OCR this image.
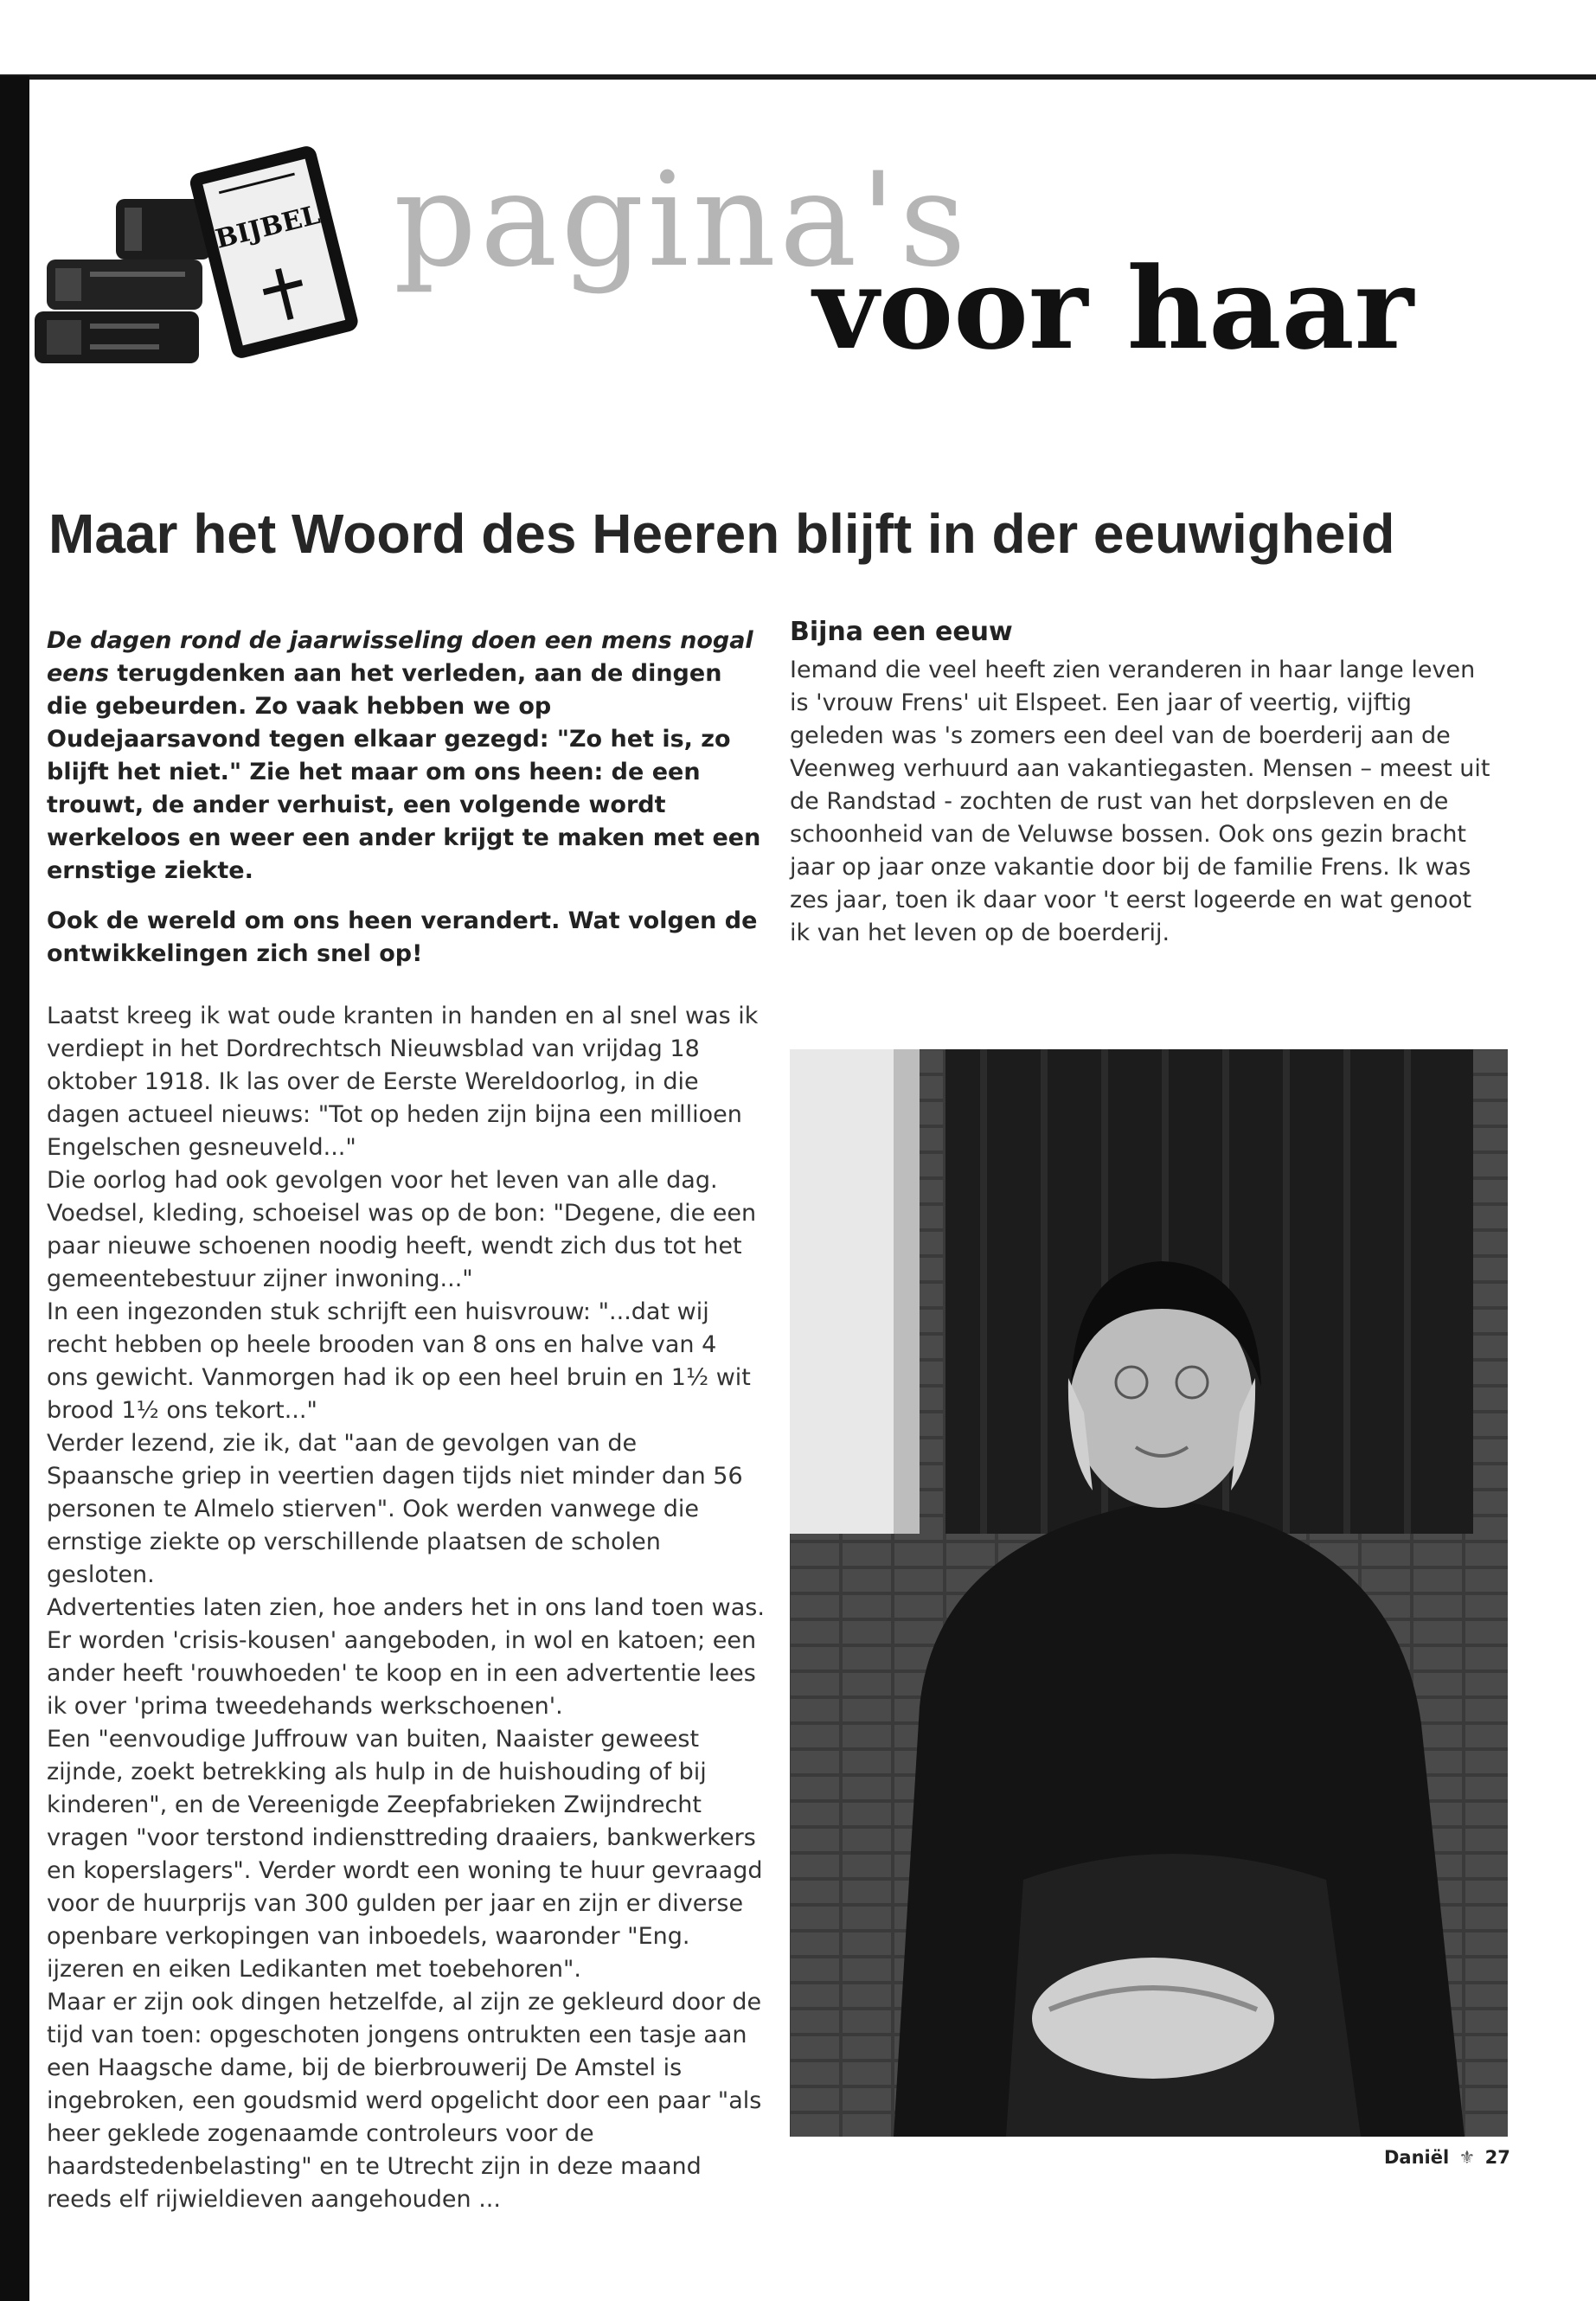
BIJBEL pagina's
voor haar
Maar het Woord des Heeren blijft in der eeuwigheid

De dagen rond de jaarwisseling doen een mens nogal eens terugdenken aan het verleden, aan de dingen die gebeurden. Zo vaak hebben we op Oudejaarsavond tegen elkaar gezegd: "Zo het is, zo blijft het niet." Zie het maar om ons heen: de een trouwt, de ander verhuist, een volgende wordt werkeloos en weer een ander krijgt te maken met een ernstige ziekte.

Ook de wereld om ons heen verandert. Wat volgen de ontwikkelingen zich snel op!

Laatst kreeg ik wat oude kranten in handen en al snel was ik verdiept in het Dordrechtsch Nieuwsblad van vrijdag 18 oktober 1918. Ik las over de Eerste Wereldoorlog, in die dagen actueel nieuws: "Tot op heden zijn bijna een millioen Engelschen gesneuveld..."

Die oorlog had ook gevolgen voor het leven van alle dag. Voedsel, kleding, schoeisel was op de bon: "Degene, die een paar nieuwe schoenen noodig heeft, wendt zich dus tot het gemeentebestuur zijner inwoning..."

In een ingezonden stuk schrijft een huisvrouw: "...dat wij recht hebben op heele brooden van 8 ons en halve van 4 ons gewicht. Vanmorgen had ik op een heel bruin en 1½ wit brood 1½ ons tekort..."

Verder lezend, zie ik, dat "aan de gevolgen van de Spaansche griep in veertien dagen tijds niet minder dan 56 personen te Almelo stierven". Ook werden vanwege die ernstige ziekte op verschillende plaatsen de scholen gesloten.

Advertenties laten zien, hoe anders het in ons land toen was. Er worden 'crisis-kousen' aangeboden, in wol en katoen; een ander heeft 'rouwhoeden' te koop en in een advertentie lees ik over 'prima tweedehands werkschoenen'.

Een "eenvoudige Juffrouw van buiten, Naaister geweest zijnde, zoekt betrekking als hulp in de huishouding of bij kinderen", en de Vereenigde Zeepfabrieken Zwijndrecht vragen "voor terstond indiensttreding draaiers, bankwerkers en koperslagers". Verder wordt een woning te huur gevraagd voor de huurprijs van 300 gulden per jaar en zijn er diverse openbare verkopingen van inboedels, waaronder "Eng. ijzeren en eiken Ledikanten met toebehoren".

Maar er zijn ook dingen hetzelfde, al zijn ze gekleurd door de tijd van toen: opgeschoten jongens ontrukten een tasje aan een Haagsche dame, bij de bierbrouwerij De Amstel is ingebroken, een goudsmid werd opgelicht door een paar "als heer geklede zogenaamde controleurs voor de haardstedenbelasting" en te Utrecht zijn in deze maand reeds elf rijwieldieven aangehouden ...

Bijna een eeuw

Iemand die veel heeft zien veranderen in haar lange leven is 'vrouw Frens' uit Elspeet. Een jaar of veertig, vijftig geleden was 's zomers een deel van de boerderij aan de Veenweg verhuurd aan vakantiegasten. Mensen – meest uit de Randstad - zochten de rust van het dorpsleven en de schoonheid van de Veluwse bossen. Ook ons gezin bracht jaar op jaar onze vakantie door bij de familie Frens. Ik was zes jaar, toen ik daar voor 't eerst logeerde en wat genoot ik van het leven op de boerderij.

Daniël ⚜ 27
